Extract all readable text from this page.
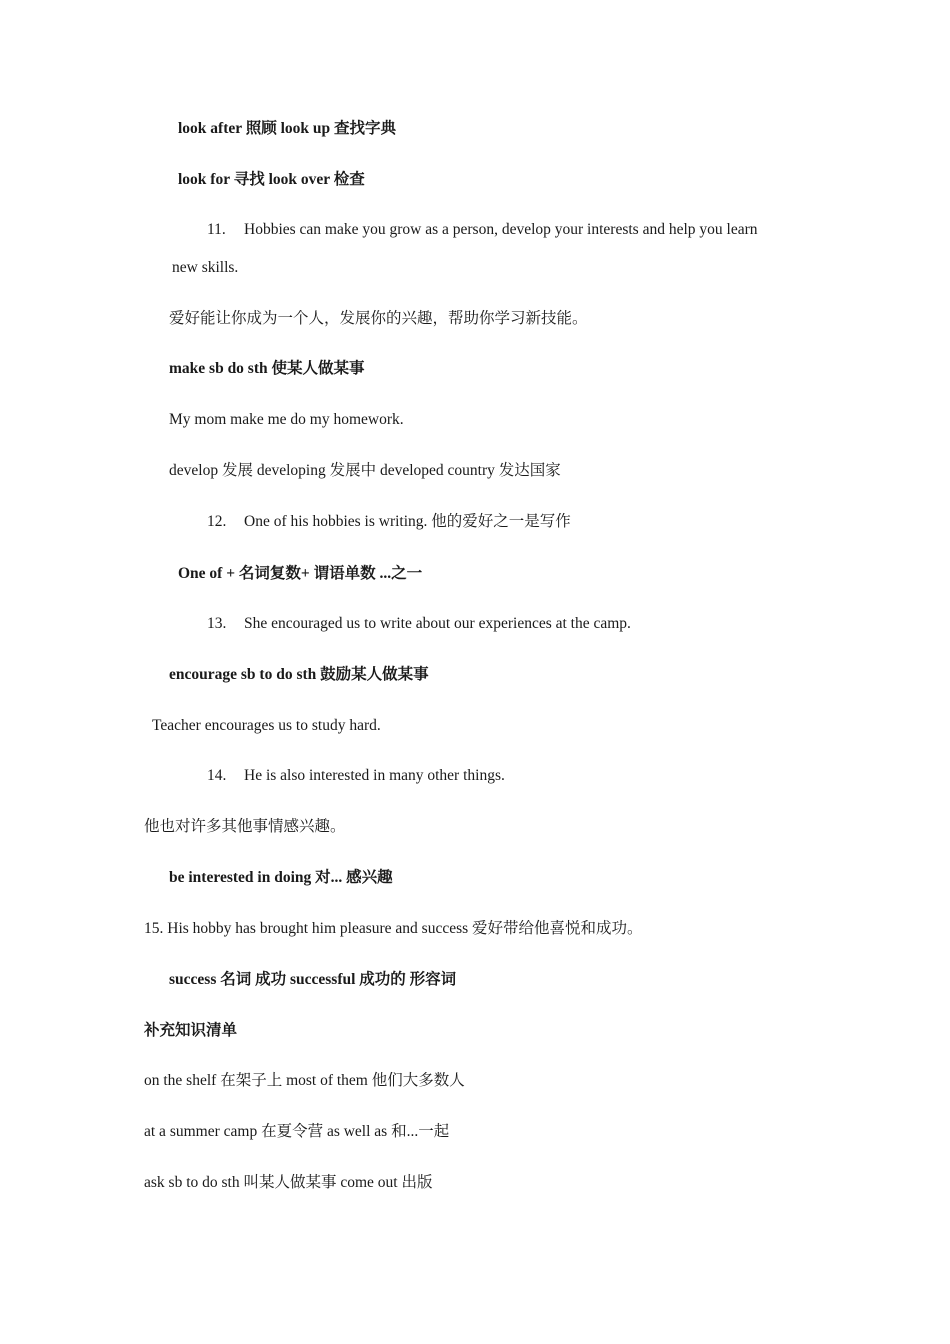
look after 照顾 look up 查找字典
look for 寻找 look over 检查
11. Hobbies can make you grow as a person, develop your interests and help you learn
new skills.
爱好能让你成为一个人，发展你的兴趣，帮助你学习新技能。
make sb do sth 使某人做某事
My mom make me do my homework.
develop 发展 developing 发展中 developed country 发达国家
12. One of his hobbies is writing. 他的爱好之一是写作
One of + 名词复数+ 谓语单数 ...之一
13. She encouraged us to write about our experiences at the camp.
encourage sb to do sth 鼓励某人做某事
Teacher encourages us to study hard.
14. He is also interested in many other things.
他也对许多其他事情感兴趣。
be interested in doing 对... 感兴趣
15. His hobby has brought him pleasure and success 爱好带给他喜悦和成功。
success 名词 成功 successful 成功的 形容词
补充知识清单
on the shelf 在架子上 most of them 他们大多数人
at a summer camp 在夏令营 as well as 和...一起
ask sb to do sth 叫某人做某事 come out 出版
